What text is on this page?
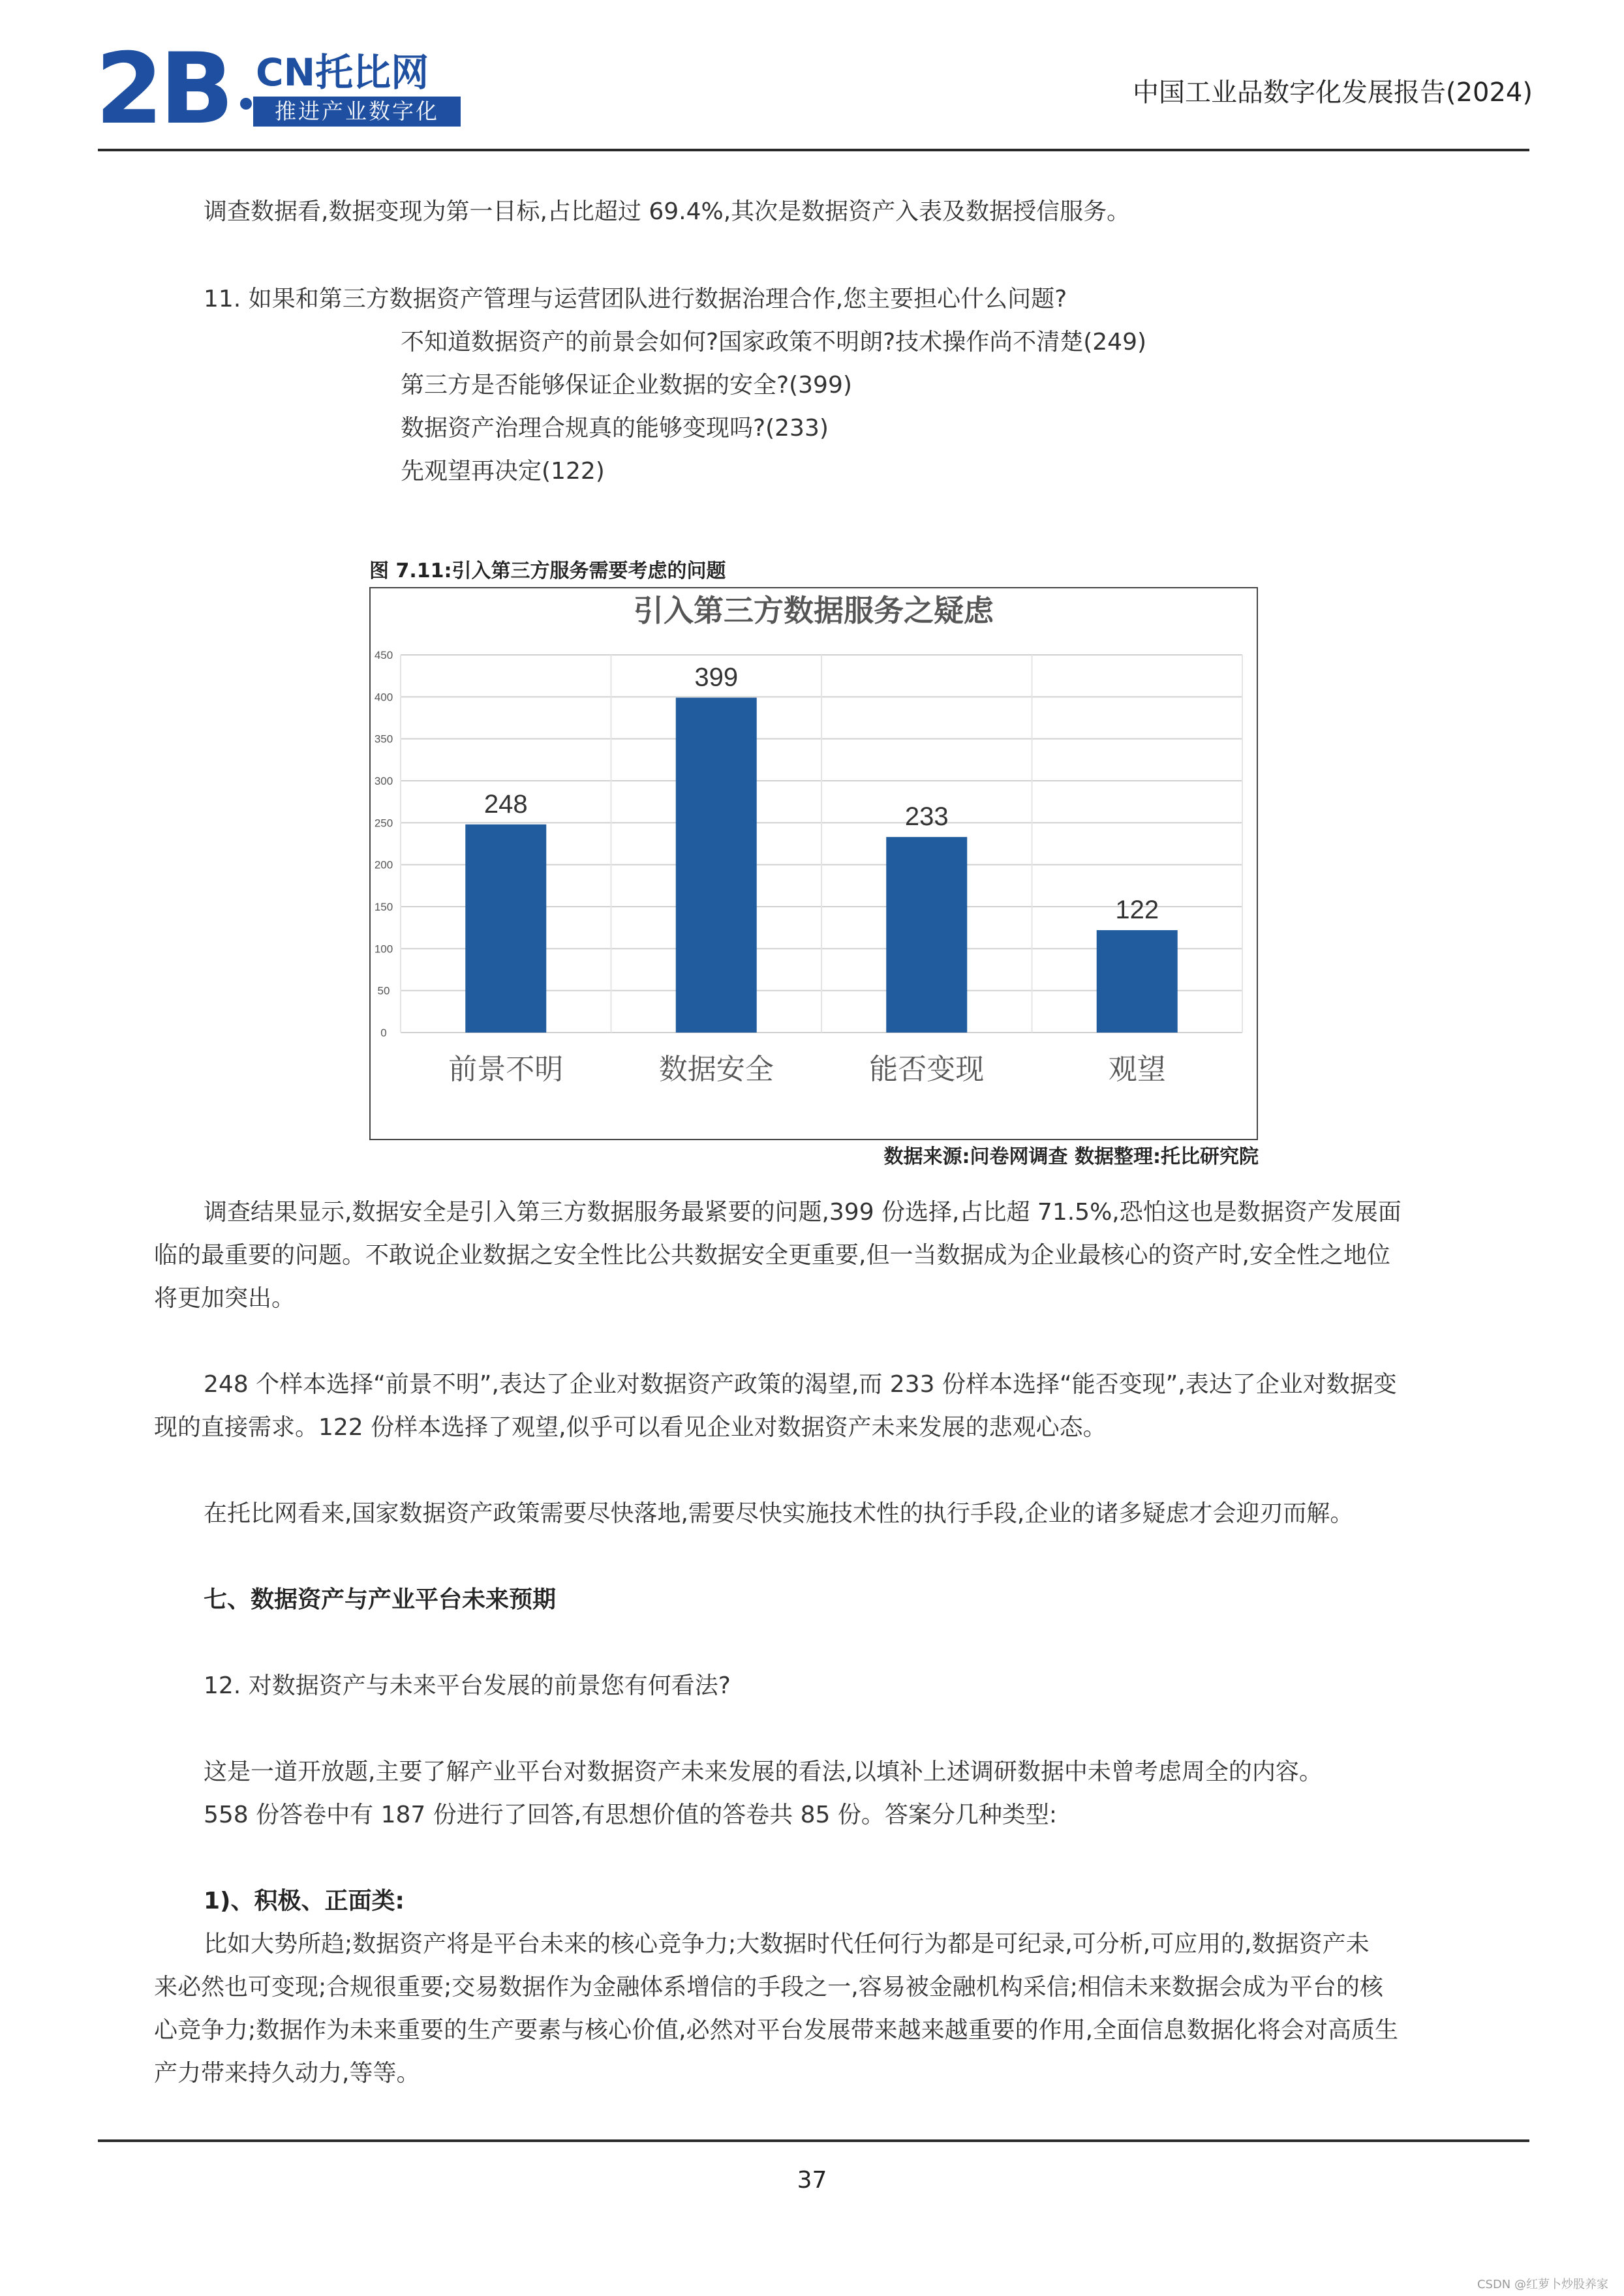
2B CN托比网
推进产业数字化
中国工业品数字化发展报告(2024)
调查数据看,数据变现为第一目标,占比超过 69.4%,其次是数据资产入表及数据授信服务。
11. 如果和第三方数据资产管理与运营团队进行数据治理合作,您主要担心什么问题?
不知道数据资产的前景会如何?国家政策不明朗?技术操作尚不清楚(249)
第三方是否能够保证企业数据的安全?(399)
数据资产治理合规真的能够变现吗?(233)
先观望再决定(122)
图 7.11:引入第三方服务需要考虑的问题
引入第三方数据服务之疑虑
0
50
100
150
200
250
300
350
400
450
248
399
233
122
前景不明	数据安全	能否变现	观望
数据来源:问卷网调查 数据整理:托比研究院
调查结果显示,数据安全是引入第三方数据服务最紧要的问题,399 份选择,占比超 71.5%,恐怕这也是数据资产发展面
临的最重要的问题。不敢说企业数据之安全性比公共数据安全更重要,但一当数据成为企业最核心的资产时,安全性之地位
将更加突出。
248 个样本选择“前景不明”,表达了企业对数据资产政策的渴望,而 233 份样本选择“能否变现”,表达了企业对数据变
现的直接需求。122 份样本选择了观望,似乎可以看见企业对数据资产未来发展的悲观心态。
在托比网看来,国家数据资产政策需要尽快落地,需要尽快实施技术性的执行手段,企业的诸多疑虑才会迎刃而解。
七、数据资产与产业平台未来预期
12. 对数据资产与未来平台发展的前景您有何看法?
这是一道开放题,主要了解产业平台对数据资产未来发展的看法,以填补上述调研数据中未曾考虑周全的内容。
558 份答卷中有 187 份进行了回答,有思想价值的答卷共 85 份。答案分几种类型:
1)、积极、正面类:
比如大势所趋;数据资产将是平台未来的核心竞争力;大数据时代任何行为都是可纪录,可分析,可应用的,数据资产未
来必然也可变现;合规很重要;交易数据作为金融体系增信的手段之一,容易被金融机构采信;相信未来数据会成为平台的核
心竞争力;数据作为未来重要的生产要素与核心价值,必然对平台发展带来越来越重要的作用,全面信息数据化将会对高质生
产力带来持久动力,等等。
37
CSDN @红萝卜炒股养家
